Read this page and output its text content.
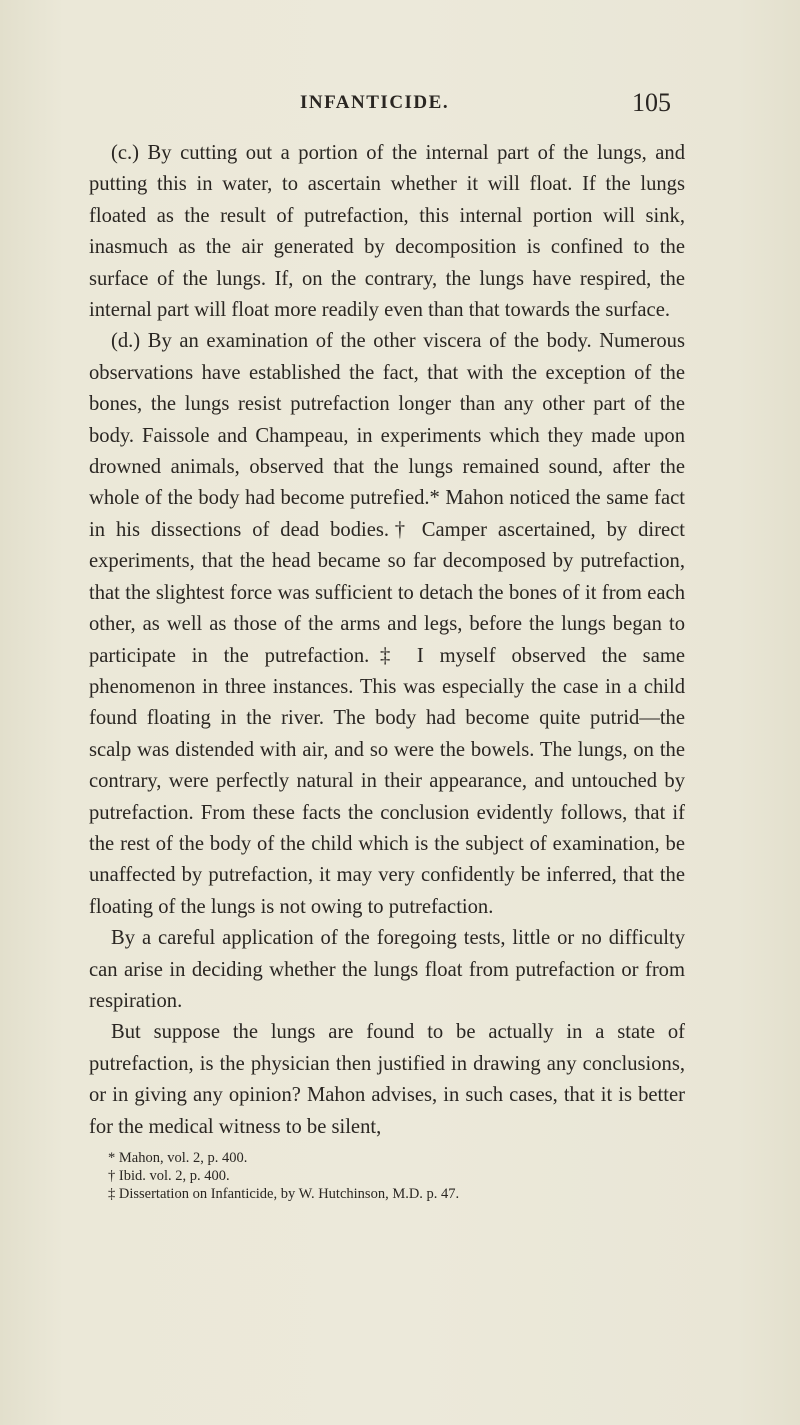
INFANTICIDE.	105

(c.) By cutting out a portion of the internal part of the lungs, and putting this in water, to ascertain whether it will float. If the lungs floated as the result of putrefaction, this internal portion will sink, inasmuch as the air generated by decomposition is confined to the surface of the lungs. If, on the contrary, the lungs have respired, the internal part will float more readily even than that towards the surface.

(d.) By an examination of the other viscera of the body. Numerous observations have established the fact, that with the exception of the bones, the lungs resist putrefaction longer than any other part of the body. Faissole and Champeau, in experiments which they made upon drowned animals, observed that the lungs remained sound, after the whole of the body had become putrefied.* Mahon noticed the same fact in his dissections of dead bodies.† Camper ascertained, by direct experiments, that the head became so far decomposed by putrefaction, that the slightest force was sufficient to detach the bones of it from each other, as well as those of the arms and legs, before the lungs began to participate in the putrefaction.‡ I myself observed the same phenomenon in three instances. This was especially the case in a child found floating in the river. The body had become quite putrid—the scalp was distended with air, and so were the bowels. The lungs, on the contrary, were perfectly natural in their appearance, and untouched by putrefaction. From these facts the conclusion evidently follows, that if the rest of the body of the child which is the subject of examination, be unaffected by putrefaction, it may very confidently be inferred, that the floating of the lungs is not owing to putrefaction.

By a careful application of the foregoing tests, little or no difficulty can arise in deciding whether the lungs float from putrefaction or from respiration.

But suppose the lungs are found to be actually in a state of putrefaction, is the physician then justified in drawing any conclusions, or in giving any opinion? Mahon advises, in such cases, that it is better for the medical witness to be silent,

* Mahon, vol. 2, p. 400.
† Ibid. vol. 2, p. 400.
‡ Dissertation on Infanticide, by W. Hutchinson, M.D. p. 47.
